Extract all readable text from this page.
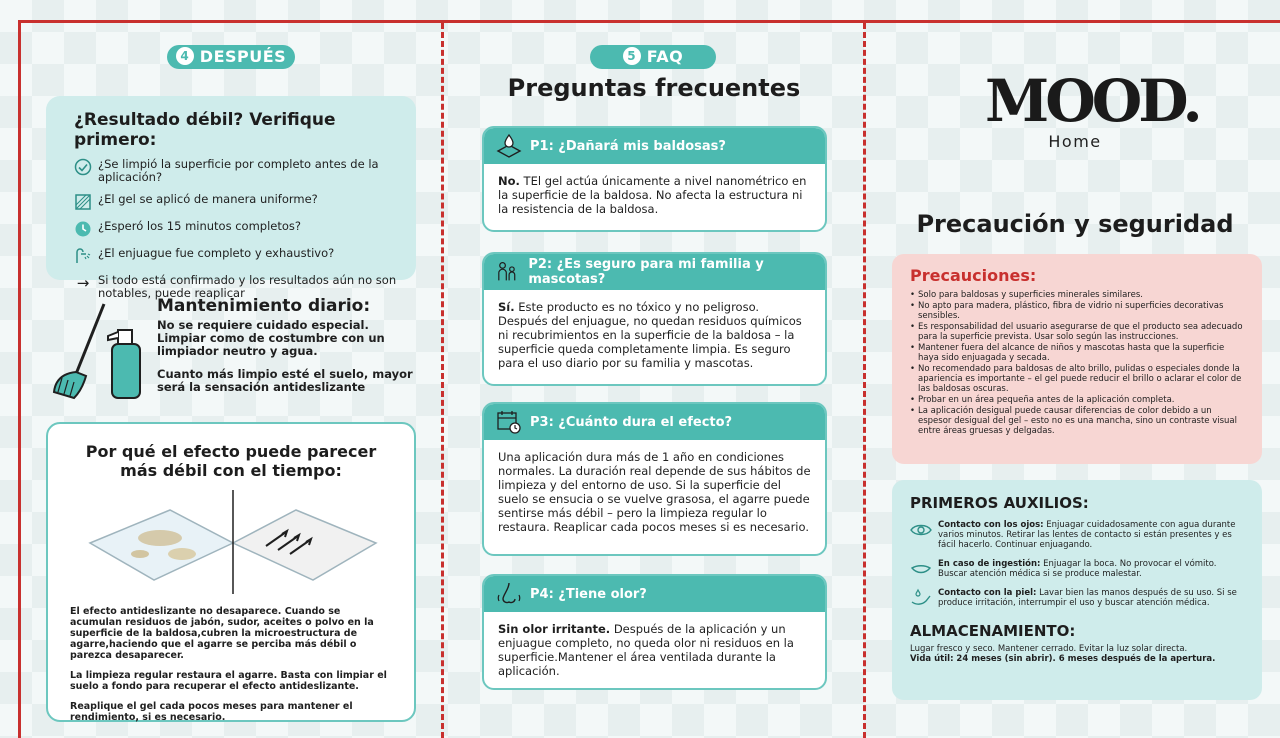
4 DESPUÉS
¿Resultado débil? Verifique primero:
¿Se limpió la superficie por completo antes de la aplicación?
¿El gel se aplicó de manera uniforme?
¿Esperó los 15 minutos completos?
¿El enjuague fue completo y exhaustivo?
→ Si todo está confirmado y los resultados aún no son notables, puede reaplicar
Mantenimiento diario:
No se requiere cuidado especial.
Limpiar como de costumbre con un limpiador neutro y agua.
Cuanto más limpio esté el suelo, mayor será la sensación antideslizante
Por qué el efecto puede parecer más débil con el tiempo:

El efecto antideslizante no desaparece. Cuando se acumulan residuos de jabón, sudor, aceites o polvo en la superficie de la baldosa,cubren la microestructura de agarre,haciendo que el agarre se perciba más débil o parezca desaparecer.

La limpieza regular restaura el agarre. Basta con limpiar el suelo a fondo para recuperar el efecto antideslizante.

Reaplique el gel cada pocos meses para mantener el rendimiento, si es necesario.

5 FAQ
Preguntas frecuentes
P1: ¿Dañará mis baldosas?
No. TEl gel actúa únicamente a nivel nanométrico en la superficie de la baldosa. No afecta la estructura ni la resistencia de la baldosa.
P2: ¿Es seguro para mi familia y mascotas?
Sí. Este producto es no tóxico y no peligroso. Después del enjuague, no quedan residuos químicos ni recubrimientos en la superficie de la baldosa – la superficie queda completamente limpia. Es seguro para el uso diario por su familia y mascotas.
P3: ¿Cuánto dura el efecto?
Una aplicación dura más de 1 año en condiciones normales. La duración real depende de sus hábitos de limpieza y del entorno de uso. Si la superficie del suelo se ensucia o se vuelve grasosa, el agarre puede sentirse más débil – pero la limpieza regular lo restaura. Reaplicar cada pocos meses si es necesario.
P4: ¿Tiene olor?
Sin olor irritante. Después de la aplicación y un enjuague completo, no queda olor ni residuos en la superficie.Mantener el área ventilada durante la aplicación.
MOOD.
Home
Precaución y seguridad
Precauciones:
• Solo para baldosas y superficies minerales similares.
• No apto para madera, plástico, fibra de vidrio ni superficies decorativas sensibles.
• Es responsabilidad del usuario asegurarse de que el producto sea adecuado para la superficie prevista. Usar solo según las instrucciones.
• Mantener fuera del alcance de niños y mascotas hasta que la superficie haya sido enjuagada y secada.
• No recomendado para baldosas de alto brillo, pulidas o especiales donde la apariencia es importante – el gel puede reducir el brillo o aclarar el color de las baldosas oscuras.
• Probar en un área pequeña antes de la aplicación completa.
• La aplicación desigual puede causar diferencias de color debido a un espesor desigual del gel – esto no es una mancha, sino un contraste visual entre áreas gruesas y delgadas.
PRIMEROS AUXILIOS:
Contacto con los ojos: Enjuagar cuidadosamente con agua durante varios minutos. Retirar las lentes de contacto si están presentes y es fácil hacerlo. Continuar enjuagando.
En caso de ingestión: Enjuagar la boca. No provocar el vómito. Buscar atención médica si se produce malestar.
Contacto con la piel: Lavar bien las manos después de su uso. Si se produce irritación, interrumpir el uso y buscar atención médica.
ALMACENAMIENTO:
Lugar fresco y seco. Mantener cerrado. Evitar la luz solar directa.
Vida útil: 24 meses (sin abrir). 6 meses después de la apertura.
